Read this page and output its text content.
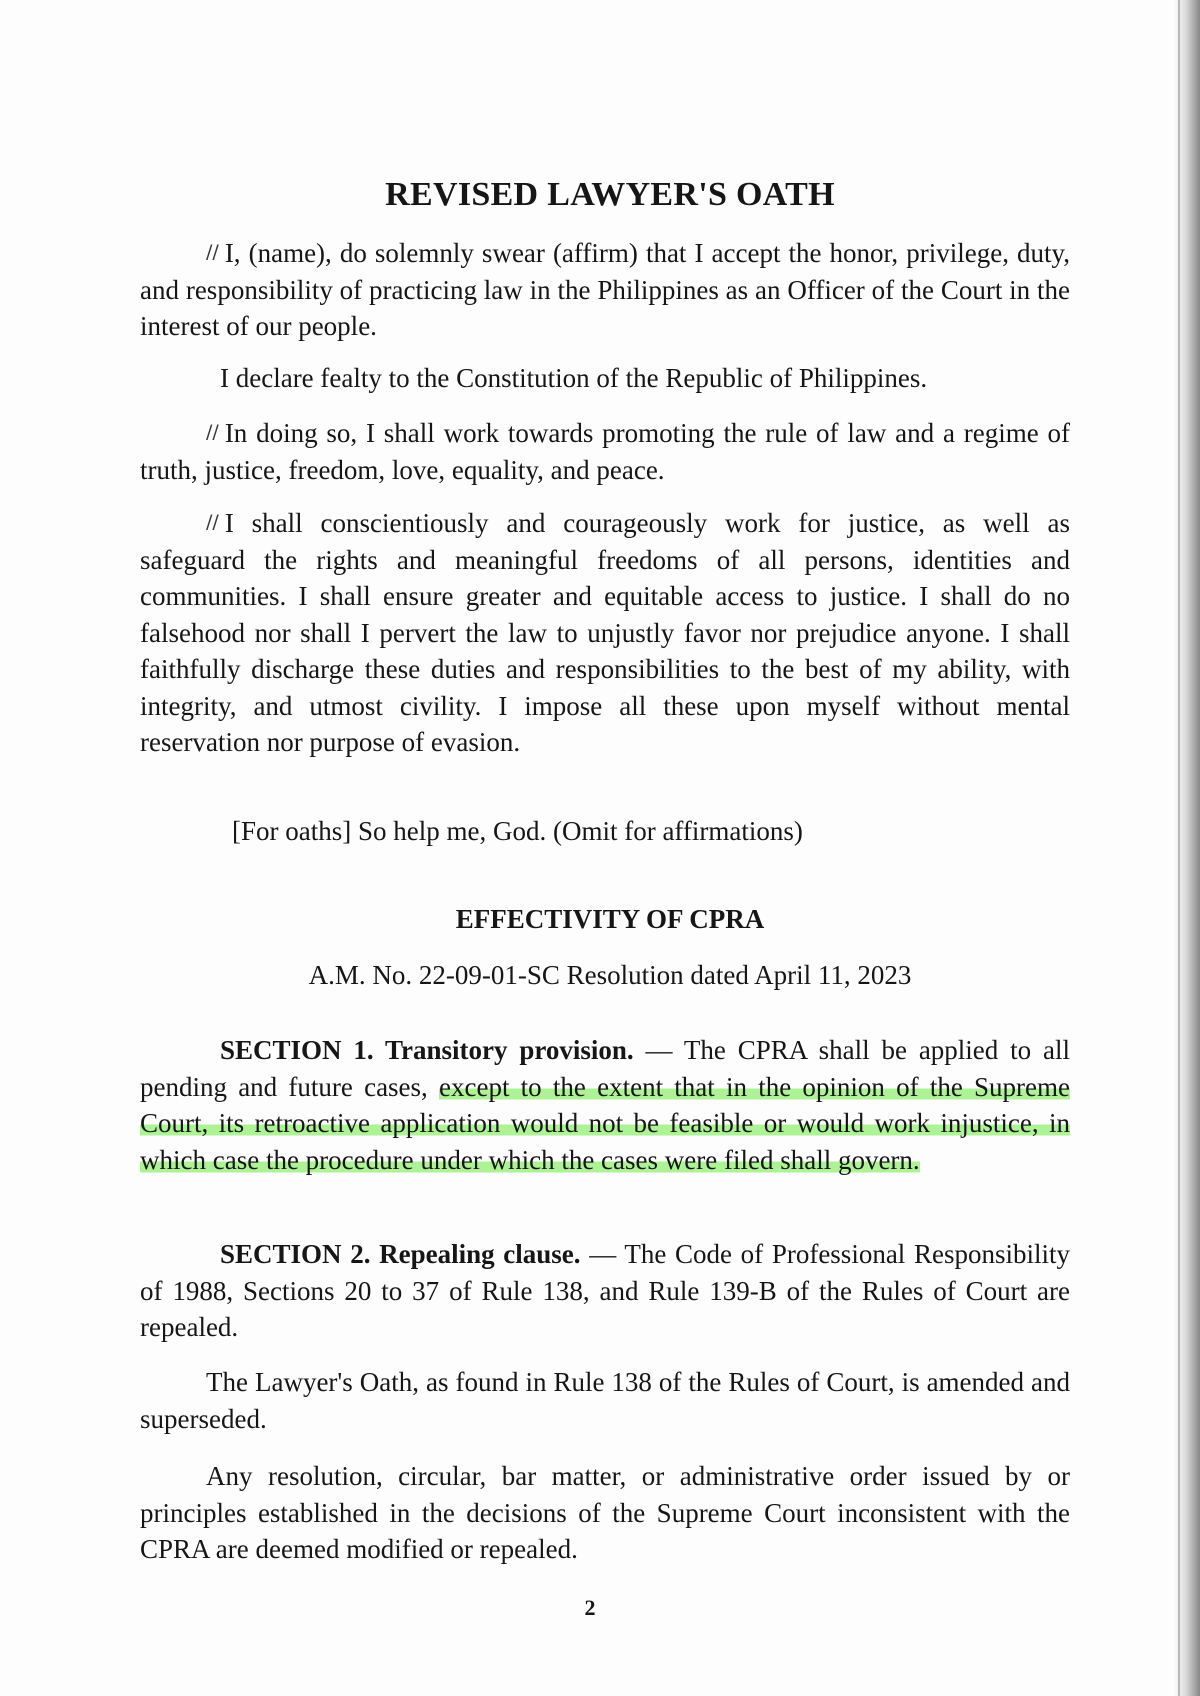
REVISED LAWYER'S OATH

// I, (name), do solemnly swear (affirm) that I accept the honor, privilege, duty, and responsibility of practicing law in the Philippines as an Officer of the Court in the interest of our people.

I declare fealty to the Constitution of the Republic of Philippines.

// In doing so, I shall work towards promoting the rule of law and a regime of truth, justice, freedom, love, equality, and peace.

// I shall conscientiously and courageously work for justice, as well as safeguard the rights and meaningful freedoms of all persons, identities and communities. I shall ensure greater and equitable access to justice. I shall do no falsehood nor shall I pervert the law to unjustly favor nor prejudice anyone. I shall faithfully discharge these duties and responsibilities to the best of my ability, with integrity, and utmost civility. I impose all these upon myself without mental reservation nor purpose of evasion.

[For oaths] So help me, God. (Omit for affirmations)

EFFECTIVITY OF CPRA

A.M. No. 22-09-01-SC Resolution dated April 11, 2023

SECTION 1. Transitory provision. — The CPRA shall be applied to all pending and future cases, except to the extent that in the opinion of the Supreme Court, its retroactive application would not be feasible or would work injustice, in which case the procedure under which the cases were filed shall govern.

SECTION 2. Repealing clause. — The Code of Professional Responsibility of 1988, Sections 20 to 37 of Rule 138, and Rule 139-B of the Rules of Court are repealed.

The Lawyer's Oath, as found in Rule 138 of the Rules of Court, is amended and superseded.

Any resolution, circular, bar matter, or administrative order issued by or principles established in the decisions of the Supreme Court inconsistent with the CPRA are deemed modified or repealed.

2
